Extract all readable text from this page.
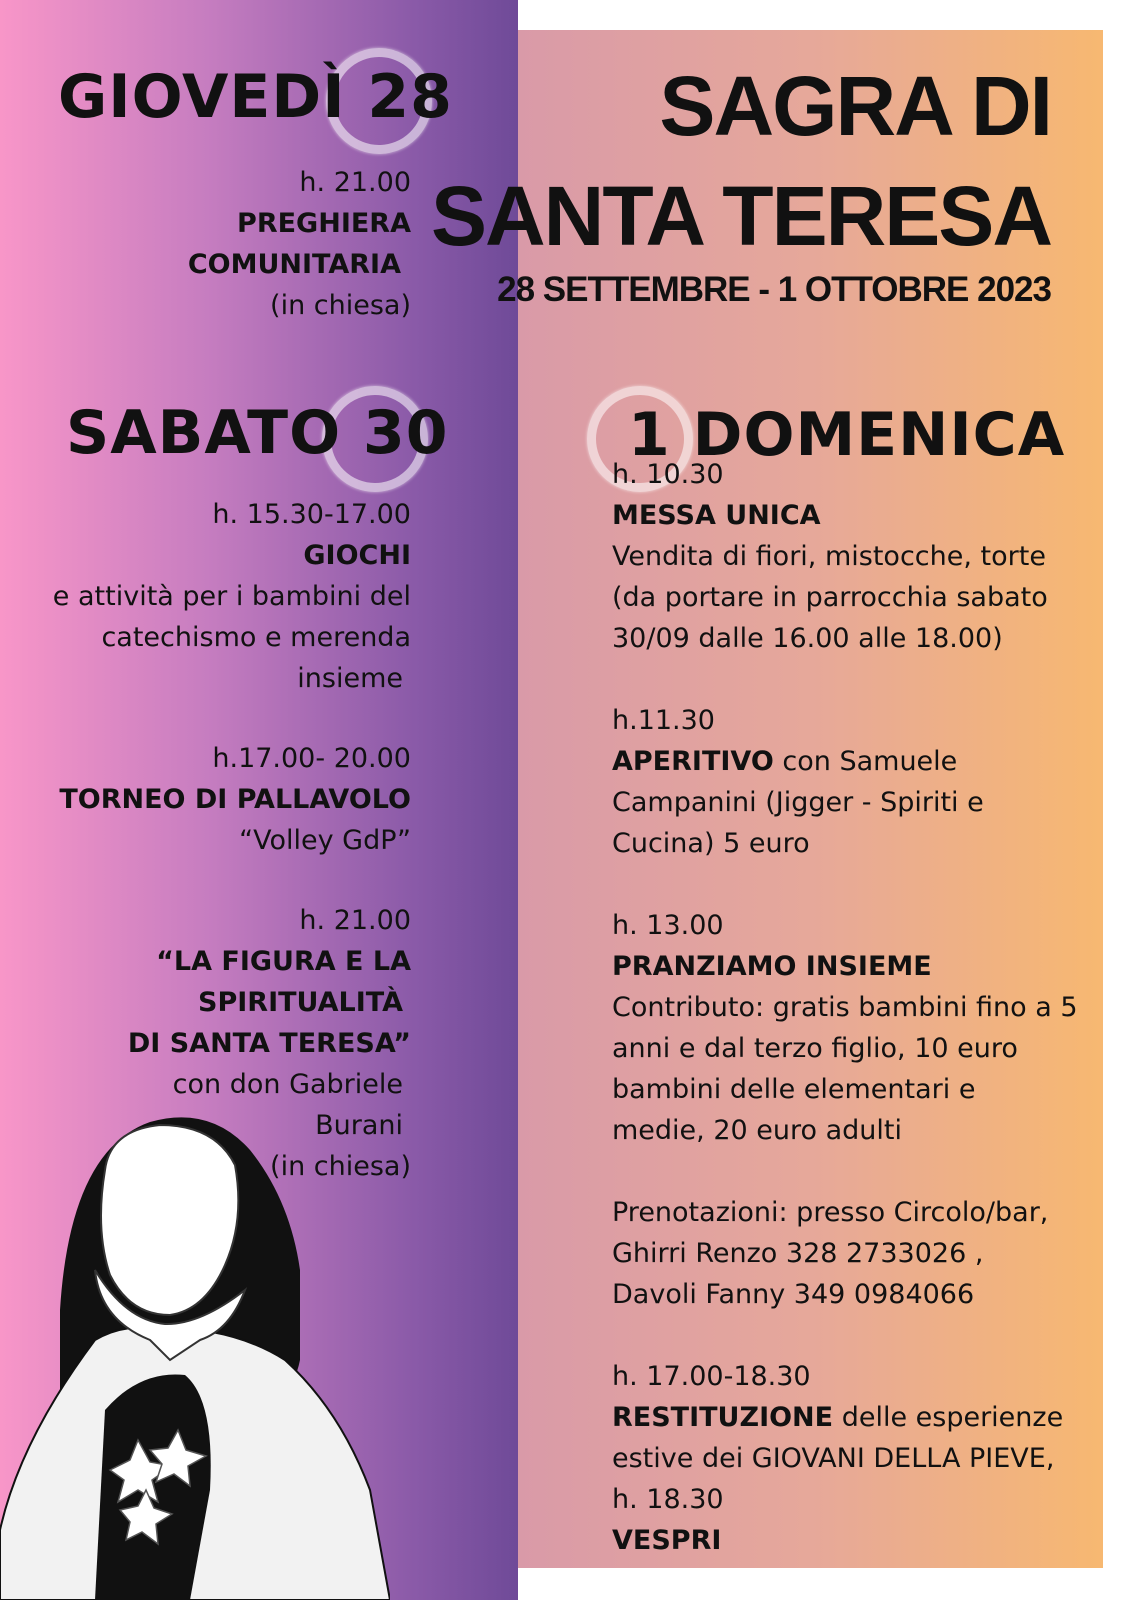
SAGRA DI
SANTA TERESA
28 SETTEMBRE - 1 OTTOBRE 2023
GIOVEDÌ 28
h. 21.00
PREGHIERA
COMUNITARIA
(in chiesa)
SABATO 30
h. 15.30-17.00
GIOCHI
e attività per i bambini del
catechismo e merenda
insieme
h.17.00- 20.00
TORNEO DI PALLAVOLO
“Volley GdP”
h. 21.00
“LA FIGURA E LA
SPIRITUALITÀ
DI SANTA TERESA”
con don Gabriele
Burani
(in chiesa)
1 DOMENICA
h. 10.30
MESSA UNICA
Vendita di fiori, mistocche, torte
(da portare in parrocchia sabato
30/09 dalle 16.00 alle 18.00)
h.11.30
APERITIVO con Samuele
Campanini (Jigger - Spiriti e
Cucina) 5 euro
h. 13.00
PRANZIAMO INSIEME
Contributo: gratis bambini fino a 5
anni e dal terzo figlio, 10 euro
bambini delle elementari e
medie, 20 euro adulti
Prenotazioni: presso Circolo/bar,
Ghirri Renzo 328 2733026 ,
Davoli Fanny 349 0984066
h. 17.00-18.30
RESTITUZIONE delle esperienze
estive dei GIOVANI DELLA PIEVE,
h. 18.30
VESPRI
